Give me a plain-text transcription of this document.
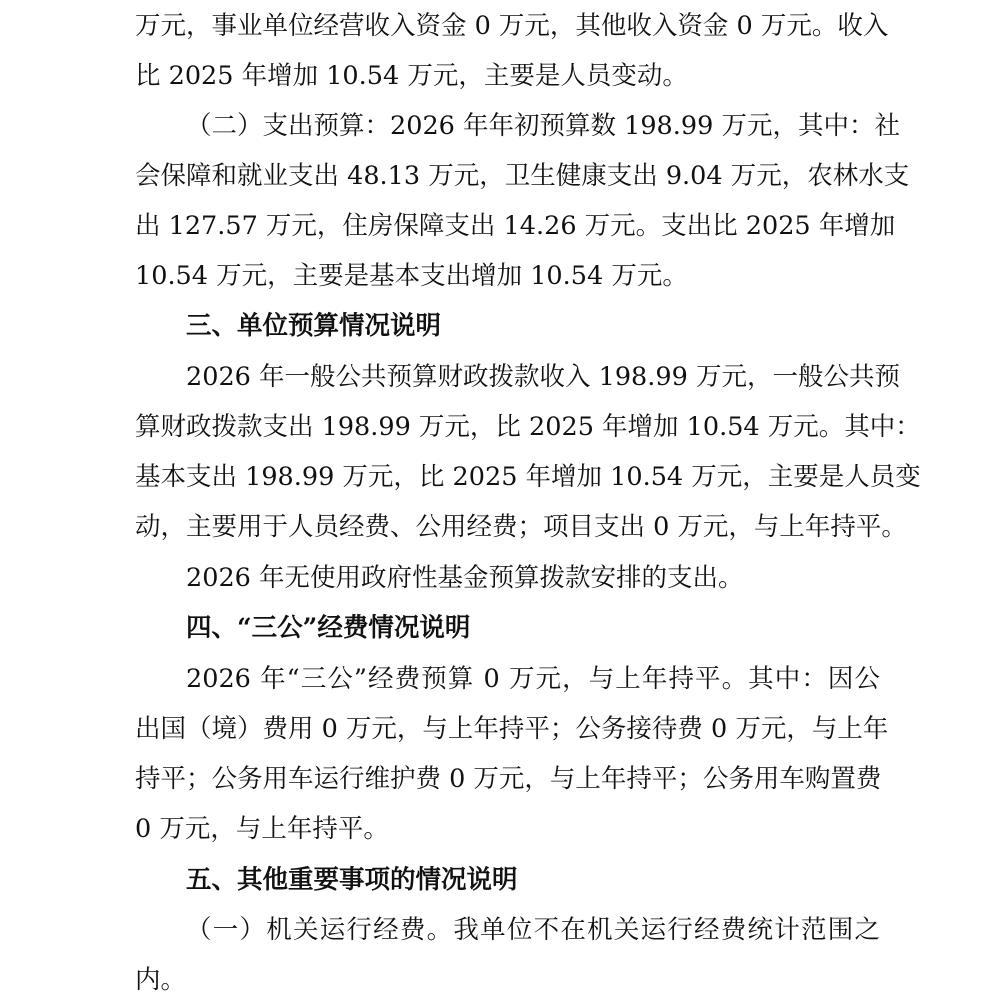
万元，事业单位经营收入资金 0 万元，其他收入资金 0 万元。收入
比 2025 年增加 10.54 万元，主要是人员变动。
（二）支出预算：2026 年年初预算数 198.99 万元，其中：社
会保障和就业支出 48.13 万元，卫生健康支出 9.04 万元，农林水支
出 127.57 万元，住房保障支出 14.26 万元。支出比 2025 年增加
10.54 万元，主要是基本支出增加 10.54 万元。
三、单位预算情况说明
2026 年一般公共预算财政拨款收入 198.99 万元，一般公共预
算财政拨款支出 198.99 万元，比 2025 年增加 10.54 万元。其中：
基本支出 198.99 万元，比 2025 年增加 10.54 万元，主要是人员变
动，主要用于人员经费、公用经费；项目支出 0 万元，与上年持平。
2026 年无使用政府性基金预算拨款安排的支出。
四、“三公”经费情况说明
2026 年“三公”经费预算 0 万元，与上年持平。其中：因公
出国（境）费用 0 万元，与上年持平；公务接待费 0 万元，与上年
持平；公务用车运行维护费 0 万元，与上年持平；公务用车购置费
0 万元，与上年持平。
五、其他重要事项的情况说明
（一）机关运行经费。我单位不在机关运行经费统计范围之
内。
